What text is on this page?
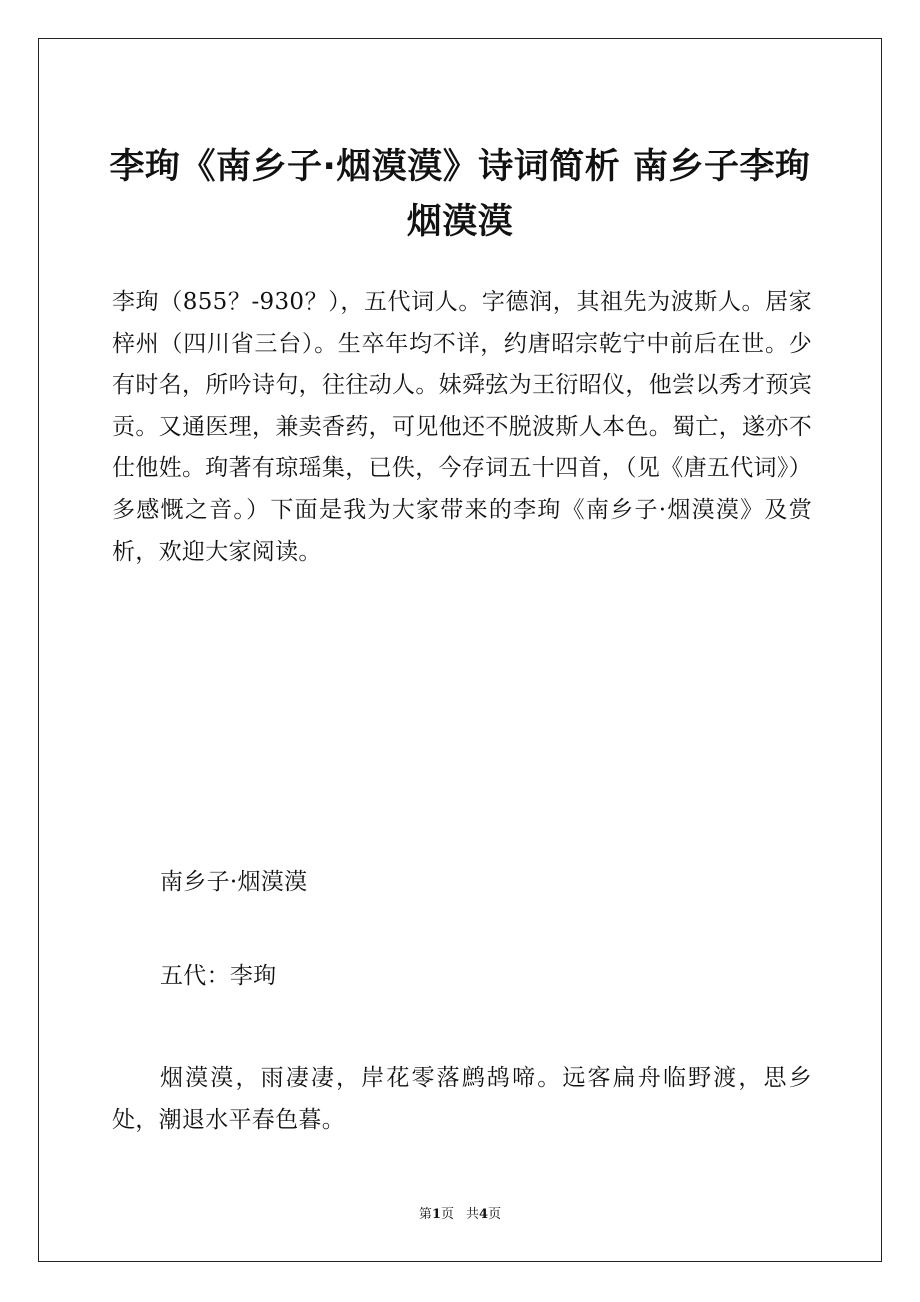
李珣《南乡子·烟漠漠》诗词简析 南乡子李珣烟漠漠

李珣（855？-930？），五代词人。字德润，其祖先为波斯人。居家梓州（四川省三台）。生卒年均不详，约唐昭宗乾宁中前后在世。少有时名，所吟诗句，往往动人。妹舜弦为王衍昭仪，他尝以秀才预宾贡。又通医理，兼卖香药，可见他还不脱波斯人本色。蜀亡，遂亦不仕他姓。珣著有琼瑶集，已佚，今存词五十四首，（见《唐五代词》）多感慨之音。）下面是我为大家带来的李珣《南乡子·烟漠漠》及赏析，欢迎大家阅读。

南乡子·烟漠漠

五代：李珣

烟漠漠，雨凄凄，岸花零落鹧鸪啼。远客扁舟临野渡，思乡处，潮退水平春色暮。

第1页 共4页
